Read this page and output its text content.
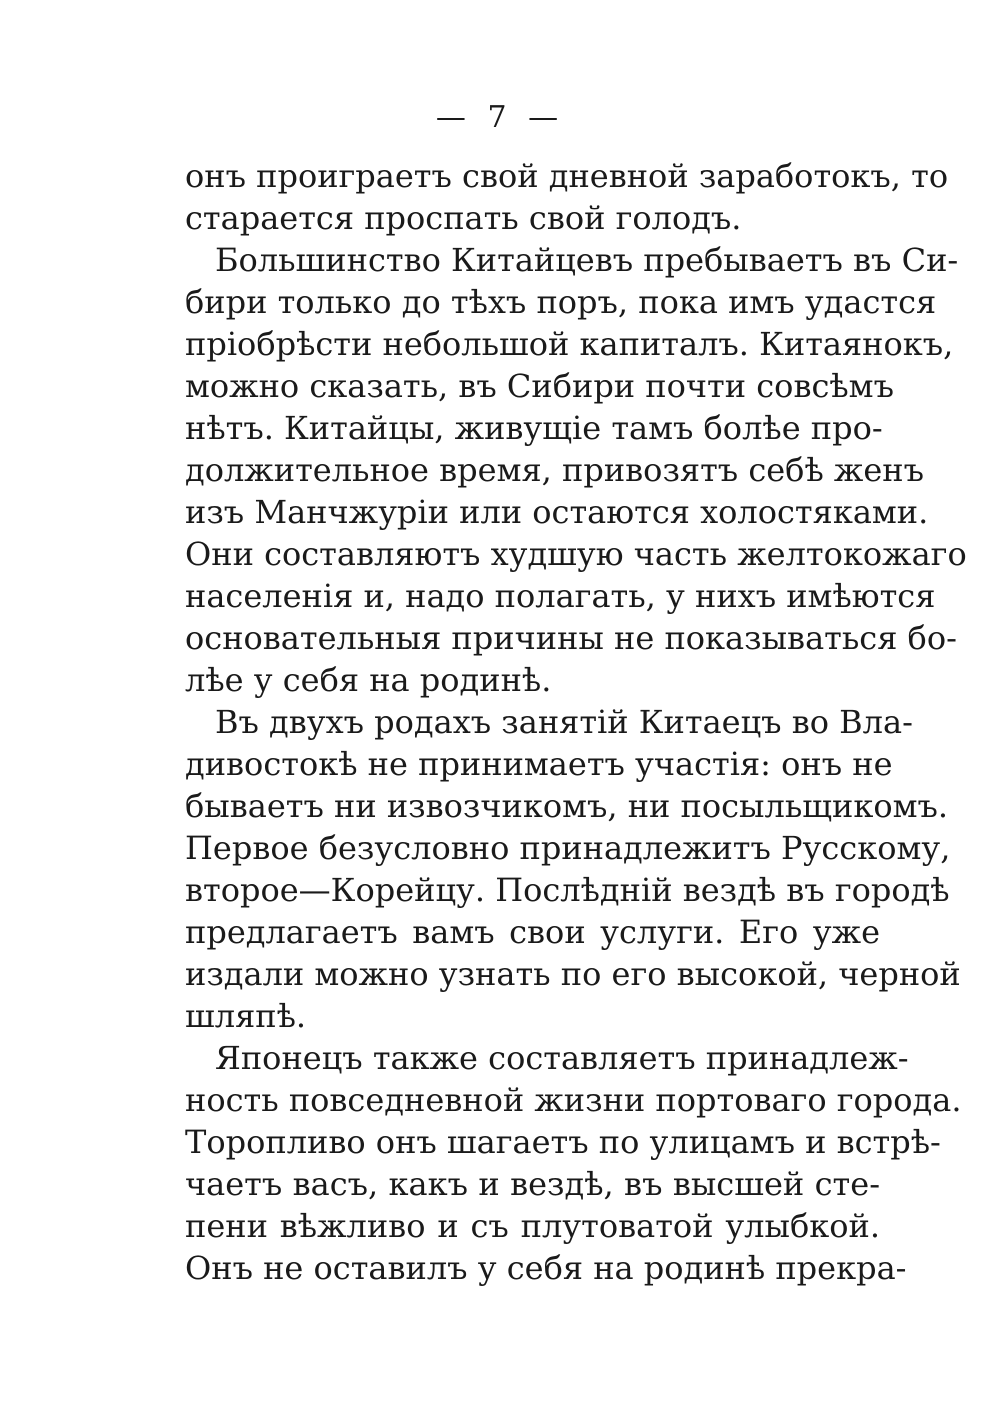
— 7 —
онъ проиграетъ свой дневной заработокъ, то
старается проспать свой голодъ.
Большинство Китайцевъ пребываетъ въ Си-
бири только до тѣхъ поръ, пока имъ удастся
пріобрѣсти небольшой капиталъ. Китаянокъ,
можно сказать, въ Сибири почти совсѣмъ
нѣтъ. Китайцы, живущіе тамъ болѣе про-
должительное время, привозятъ себѣ женъ
изъ Манчжуріи или остаются холостяками.
Они составляютъ худшую часть желтокожаго
населенія и, надо полагать, у нихъ имѣются
основательныя причины не показываться бо-
лѣе у себя на родинѣ.
Въ двухъ родахъ занятій Китаецъ во Вла-
дивостокѣ не принимаетъ участія: онъ не
бываетъ ни извозчикомъ, ни посыльщикомъ.
Первое безусловно принадлежитъ Русскому,
второе—Корейцу. Послѣдній вездѣ въ городѣ
предлагаетъ вамъ свои услуги. Его уже
издали можно узнать по его высокой, черной
шляпѣ.
Японецъ также составляетъ принадлеж-
ность повседневной жизни портоваго города.
Торопливо онъ шагаетъ по улицамъ и встрѣ-
чаетъ васъ, какъ и вездѣ, въ высшей сте-
пени вѣжливо и съ плутоватой улыбкой.
Онъ не оставилъ у себя на родинѣ прекра-
